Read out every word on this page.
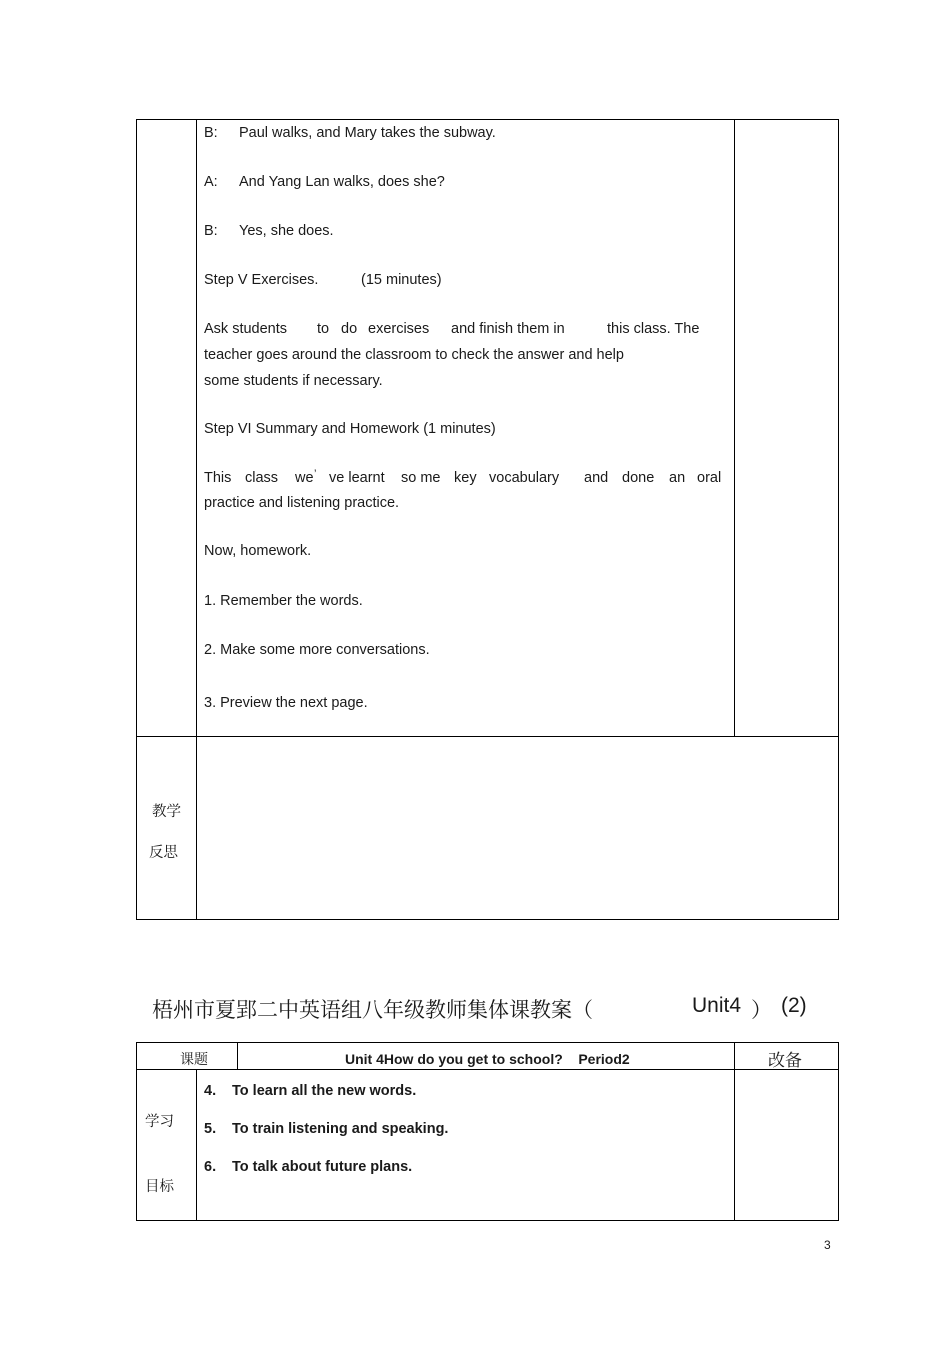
B: Paul walks, and Mary takes the subway.
A: And Yang Lan walks, does she?
B: Yes, she does.
Step V Exercises.	(15 minutes)
Ask students to do exercises and finish them in	this class. The
teacher goes around the classroom to check the answer and help
some students if necessary.
Step VI Summary and Homework (1 minutes)
This class we ’ ve learnt so me key vocabulary and done an oral
practice and listening practice.
Now, homework.
1. Remember the words.
2. Make some more conversations.
3. Preview the next page.
教学
反思
梧州市夏郢二中英语组八年级教师集体课教案（	Unit4 ） (2)
课题	Unit 4How do you get to school?    Period2	改备
学习
目标
4. To learn all the new words.
5. To train listening and speaking.
6. To talk about future plans.
3
